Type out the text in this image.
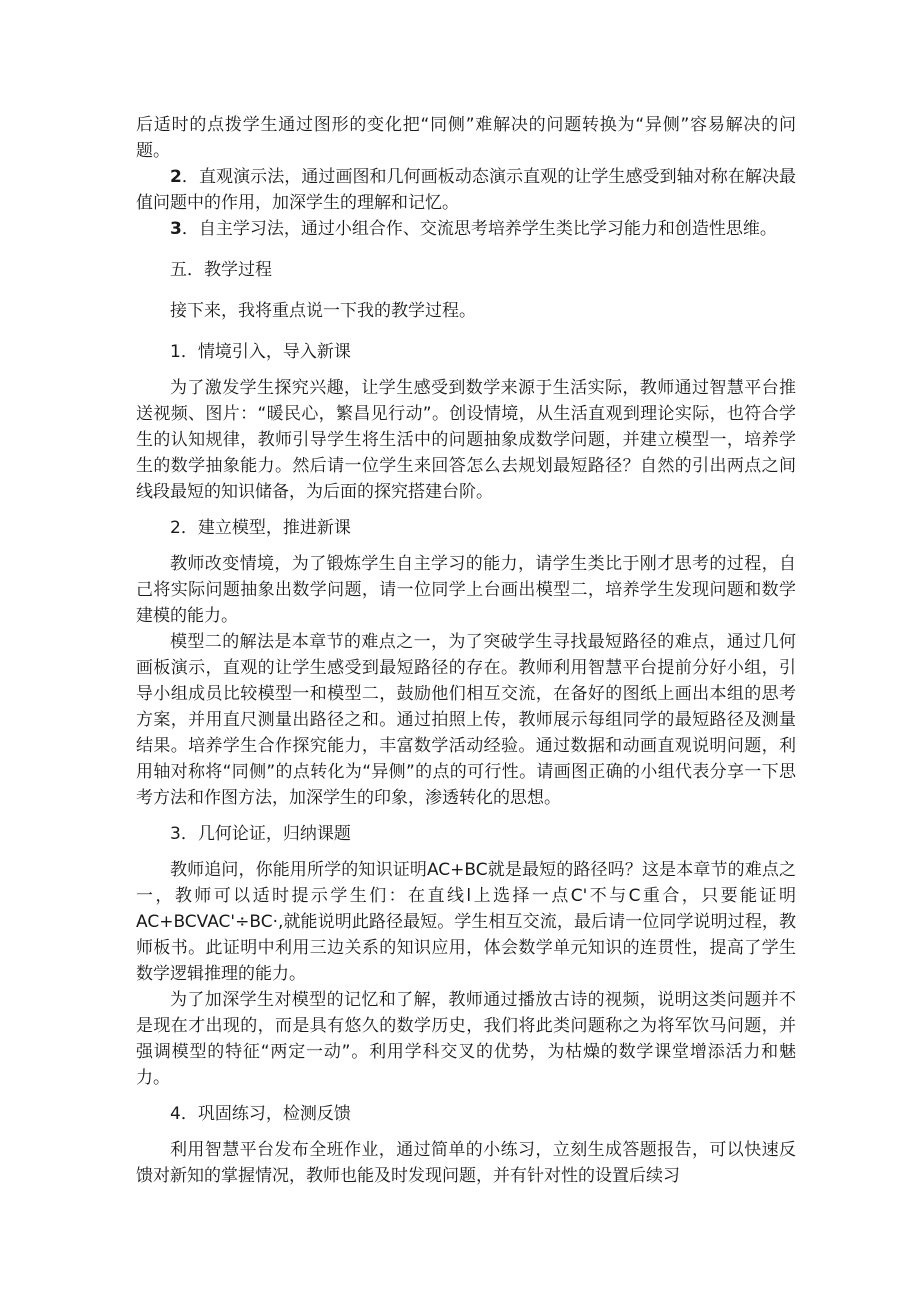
后适时的点拨学生通过图形的变化把“同侧”难解决的问题转换为“异侧”容易解决的问题。

2．直观演示法，通过画图和几何画板动态演示直观的让学生感受到轴对称在解决最值问题中的作用，加深学生的理解和记忆。

3．自主学习法，通过小组合作、交流思考培养学生类比学习能力和创造性思维。

五．教学过程

接下来，我将重点说一下我的教学过程。

1．情境引入，导入新课

为了激发学生探究兴趣，让学生感受到数学来源于生活实际，教师通过智慧平台推送视频、图片：“暖民心，繁昌见行动”。创设情境，从生活直观到理论实际，也符合学生的认知规律，教师引导学生将生活中的问题抽象成数学问题，并建立模型一，培养学生的数学抽象能力。然后请一位学生来回答怎么去规划最短路径？自然的引出两点之间线段最短的知识储备，为后面的探究搭建台阶。

2．建立模型，推进新课

教师改变情境，为了锻炼学生自主学习的能力，请学生类比于刚才思考的过程，自己将实际问题抽象出数学问题，请一位同学上台画出模型二，培养学生发现问题和数学建模的能力。

模型二的解法是本章节的难点之一，为了突破学生寻找最短路径的难点，通过几何画板演示，直观的让学生感受到最短路径的存在。教师利用智慧平台提前分好小组，引导小组成员比较模型一和模型二，鼓励他们相互交流，在备好的图纸上画出本组的思考方案，并用直尺测量出路径之和。通过拍照上传，教师展示每组同学的最短路径及测量结果。培养学生合作探究能力，丰富数学活动经验。通过数据和动画直观说明问题，利用轴对称将“同侧”的点转化为“异侧”的点的可行性。请画图正确的小组代表分享一下思考方法和作图方法，加深学生的印象，渗透转化的思想。

3．几何论证，归纳课题

教师追问，你能用所学的知识证明AC+BC就是最短的路径吗？这是本章节的难点之一，教师可以适时提示学生们：在直线l上选择一点C'不与C重合，只要能证明AC+BCVAC'÷BC·,就能说明此路径最短。学生相互交流，最后请一位同学说明过程，教师板书。此证明中利用三边关系的知识应用，体会数学单元知识的连贯性，提高了学生数学逻辑推理的能力。

为了加深学生对模型的记忆和了解，教师通过播放古诗的视频，说明这类问题并不是现在才出现的，而是具有悠久的数学历史，我们将此类问题称之为将军饮马问题，并强调模型的特征“两定一动”。利用学科交叉的优势，为枯燥的数学课堂增添活力和魅力。

4．巩固练习，检测反馈

利用智慧平台发布全班作业，通过简单的小练习，立刻生成答题报告，可以快速反馈对新知的掌握情况，教师也能及时发现问题，并有针对性的设置后续习
